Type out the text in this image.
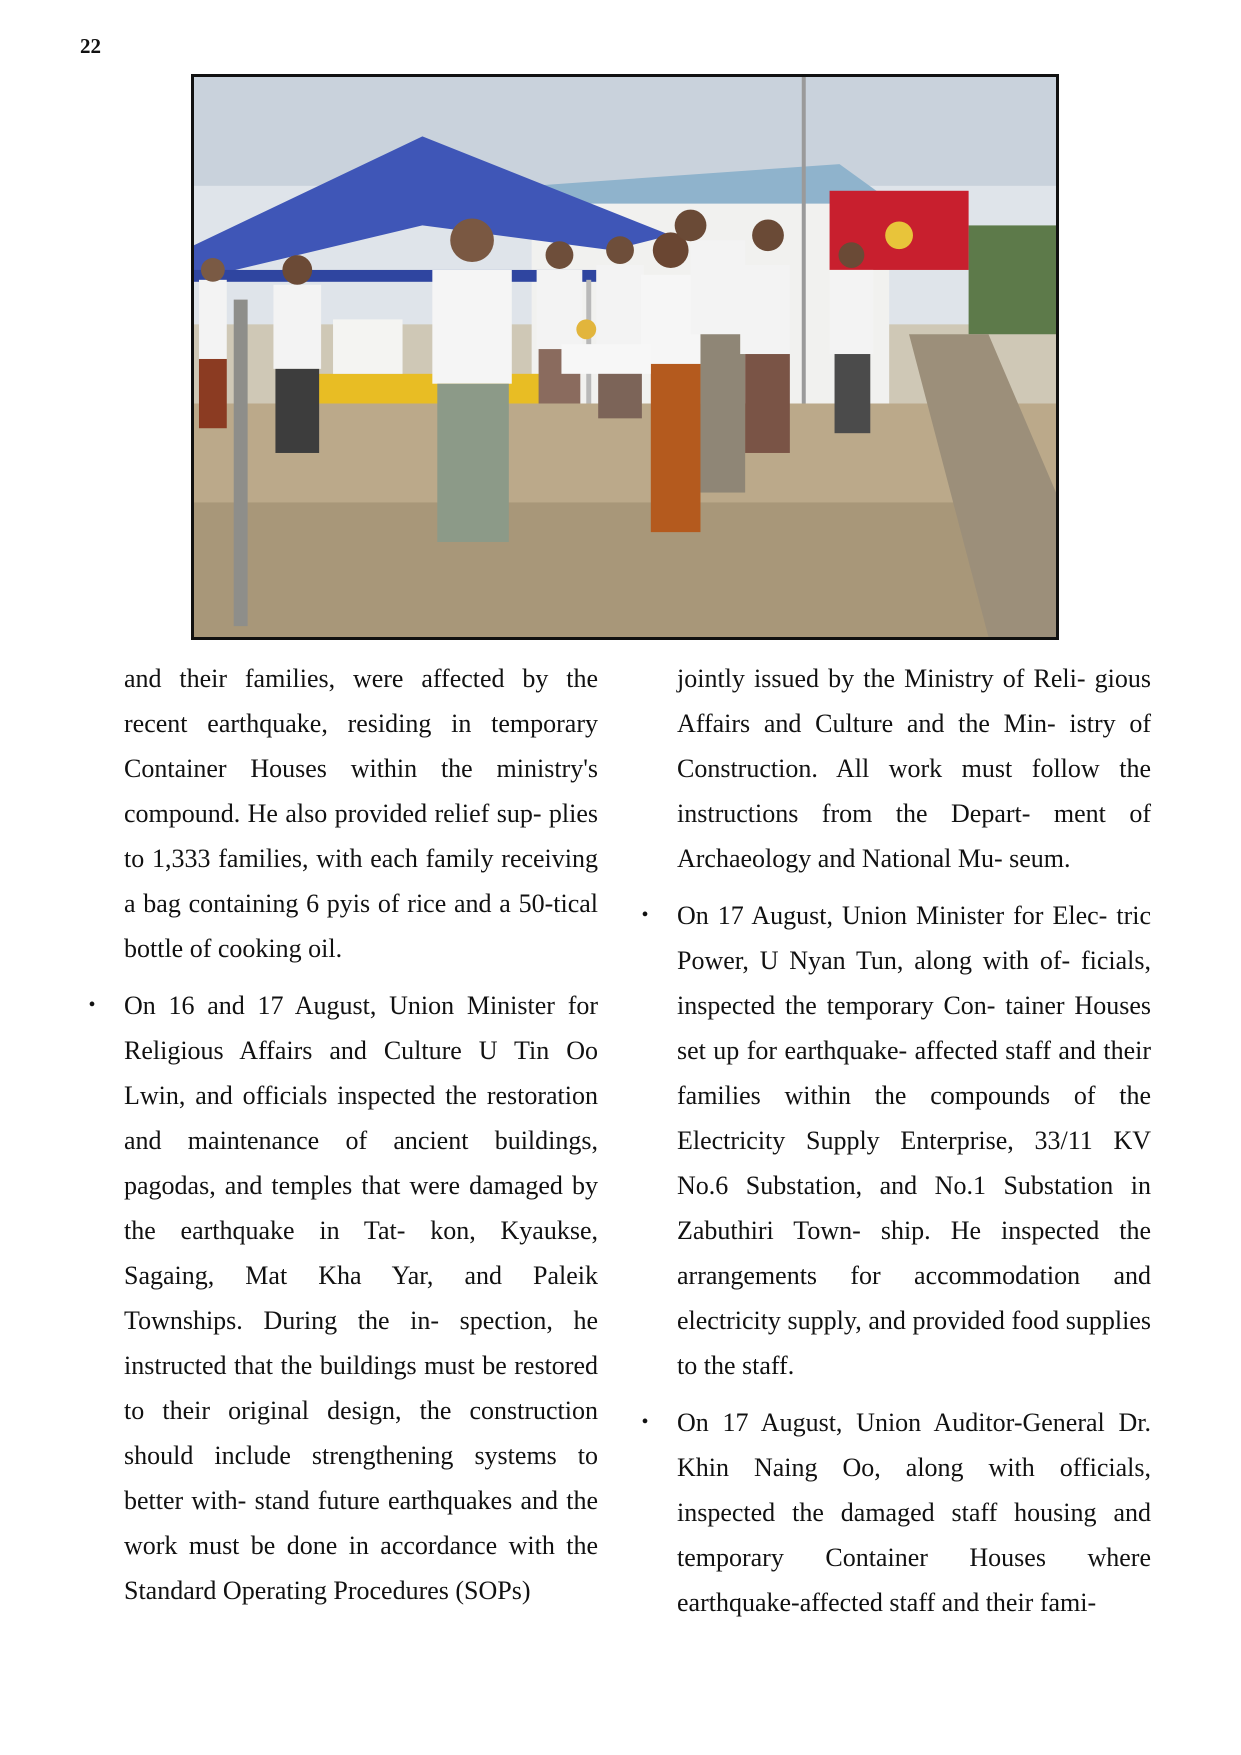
22

and their families, were affected by the recent earthquake, residing in temporary Container Houses within the ministry's compound. He also provided relief sup- plies to 1,333 families, with each family receiving a bag containing 6 pyis of rice and a 50-tical bottle of cooking oil.

• On 16 and 17 August, Union Minister for Religious Affairs and Culture U Tin Oo Lwin, and officials inspected the restoration and maintenance of ancient buildings, pagodas, and temples that were damaged by the earthquake in Tat- kon, Kyaukse, Sagaing, Mat Kha Yar, and Paleik Townships. During the in- spection, he instructed that the buildings must be restored to their original design, the construction should include strengthening systems to better with- stand future earthquakes and the work must be done in accordance with the Standard Operating Procedures (SOPs)

jointly issued by the Ministry of Reli- gious Affairs and Culture and the Min- istry of Construction. All work must follow the instructions from the Depart- ment of Archaeology and National Mu- seum.

• On 17 August, Union Minister for Elec- tric Power, U Nyan Tun, along with of- ficials, inspected the temporary Con- tainer Houses set up for earthquake- affected staff and their families within the compounds of the Electricity Supply Enterprise, 33/11 KV No.6 Substation, and No.1 Substation in Zabuthiri Town- ship. He inspected the arrangements for accommodation and electricity supply, and provided food supplies to the staff.
• On 17 August, Union Auditor-General Dr. Khin Naing Oo, along with officials, inspected the damaged staff housing and temporary Container Houses where earthquake-affected staff and their fami-
